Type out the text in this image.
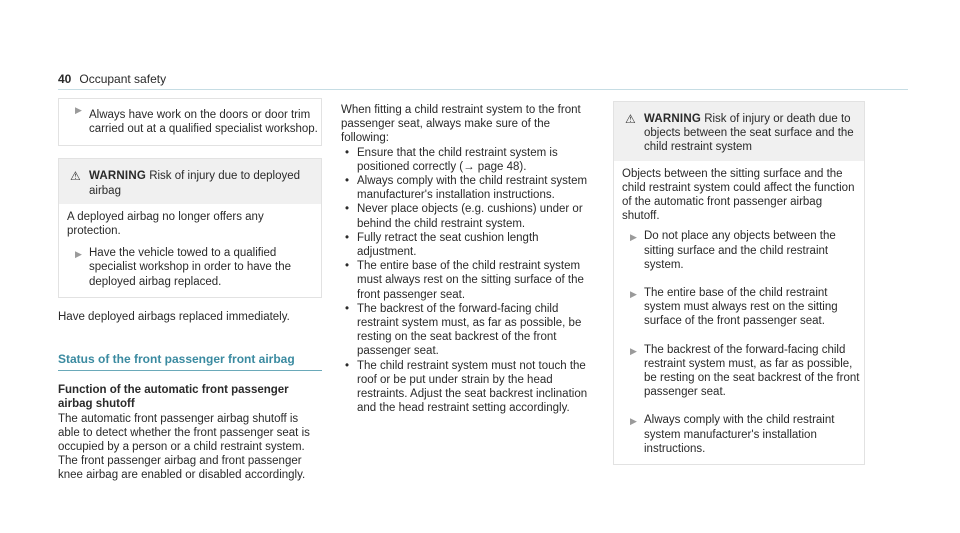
40 Occupant safety

▶ Always have work on the doors or door trim carried out at a qualified specialist workshop.

⚠ WARNING Risk of injury due to deployed airbag

A deployed airbag no longer offers any protection.

▶ Have the vehicle towed to a qualified specialist workshop in order to have the deployed airbag replaced.

Have deployed airbags replaced immediately.

Status of the front passenger front airbag

Function of the automatic front passenger airbag shutoff

The automatic front passenger airbag shutoff is able to detect whether the front passenger seat is occupied by a person or a child restraint system. The front passenger airbag and front passenger knee airbag are enabled or disabled accordingly.

When fitting a child restraint system to the front passenger seat, always make sure of the following:

• Ensure that the child restraint system is positioned correctly (→ page 48).
• Always comply with the child restraint system manufacturer's installation instructions.
• Never place objects (e.g. cushions) under or behind the child restraint system.
• Fully retract the seat cushion length adjustment.
• The entire base of the child restraint system must always rest on the sitting surface of the front passenger seat.
• The backrest of the forward-facing child restraint system must, as far as possible, be resting on the seat backrest of the front passenger seat.
• The child restraint system must not touch the roof or be put under strain by the head restraints. Adjust the seat backrest inclination and the head restraint setting accordingly.
⚠ WARNING Risk of injury or death due to objects between the seat surface and the child restraint system

Objects between the sitting surface and the child restraint system could affect the function of the automatic front passenger airbag shutoff.

▶ Do not place any objects between the sitting surface and the child restraint system.

▶ The entire base of the child restraint system must always rest on the sitting surface of the front passenger seat.

▶ The backrest of the forward-facing child restraint system must, as far as possible, be resting on the seat backrest of the front passenger seat.

▶ Always comply with the child restraint system manufacturer's installation instructions.
